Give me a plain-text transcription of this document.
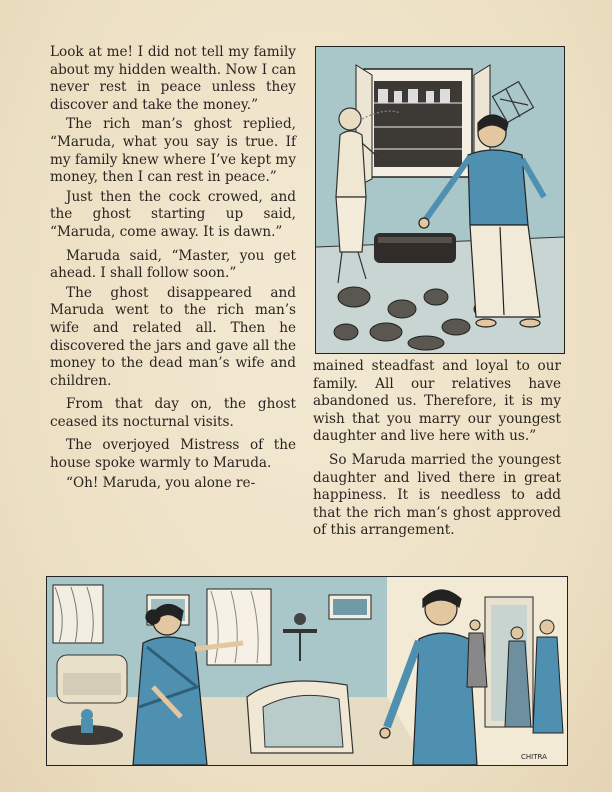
Look at me! I did not tell my family about my hidden wealth. Now I can never rest in peace unless they discover and take the money.”

The rich man’s ghost replied, “Maruda, what you say is true. If my family knew where I’ve kept my money, then I can rest in peace.”

Just then the cock crowed, and the ghost starting up said, “Maruda, come away. It is dawn.”

Maruda said, “Master, you get ahead. I shall follow soon.”

The ghost disappeared and Maruda went to the rich man’s wife and related all. Then he discovered the jars and gave all the money to the dead man’s wife and children.

From that day on, the ghost ceased its nocturnal visits.

The overjoyed Mistress of the house spoke warmly to Maruda.

“Oh! Maruda, you alone re-

mained steadfast and loyal to our family. All our relatives have abandoned us. Therefore, it is my wish that you marry our youngest daughter and live here with us.”

So Maruda married the youngest daughter and lived there in great happiness. It is needless to add that the rich man’s ghost approved of this arrangement.

CHITRA
